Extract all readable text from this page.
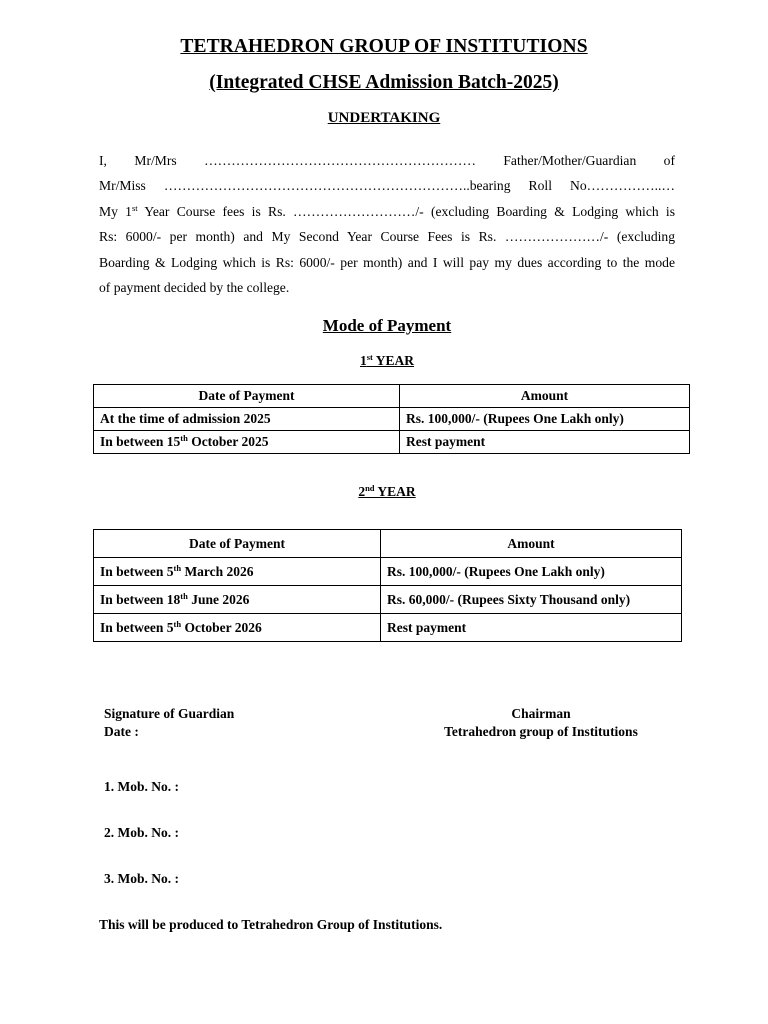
TETRAHEDRON GROUP OF INSTITUTIONS
(Integrated CHSE Admission Batch-2025)
UNDERTAKING
I, Mr/Mrs …………………………………………………… Father/Mother/Guardian of
Mr/Miss …………………………………………………………..bearing Roll No……………..…
My 1st Year Course fees is Rs. ………………………/- (excluding Boarding & Lodging which is
Rs: 6000/- per month) and My Second Year Course Fees is Rs. …………………/- (excluding
Boarding & Lodging which is Rs: 6000/- per month) and I will pay my dues according to the mode
of payment decided by the college.
Mode of Payment
1st YEAR
Date of Payment	Amount
At the time of admission 2025	Rs. 100,000/- (Rupees One Lakh only)
In between 15th October 2025	Rest payment
2nd YEAR
Date of Payment	Amount
In between 5th March 2026	Rs. 100,000/- (Rupees One Lakh only)
In between 18th June 2026	Rs. 60,000/- (Rupees Sixty Thousand only)
In between 5th October 2026	Rest payment
Signature of Guardian
Date :
Chairman
Tetrahedron group of Institutions
1. Mob. No. :
2. Mob. No. :
3. Mob. No. :
This will be produced to Tetrahedron Group of Institutions.
